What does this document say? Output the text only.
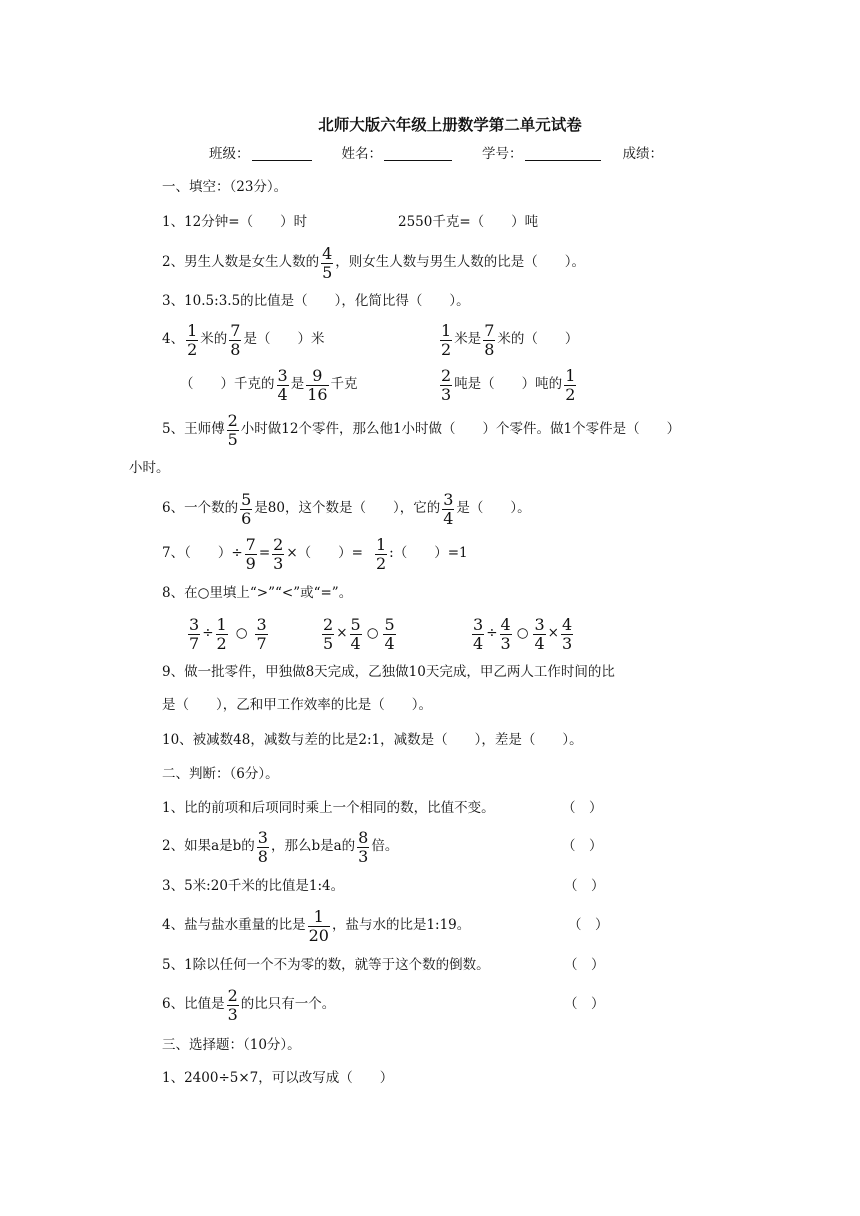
北师大版六年级上册数学第二单元试卷
班级：	姓名：	学号：	成绩：
一、填空：（23分）。
1、12分钟=（　　）时	2550千克=（　　）吨
2、男生人数是女生人数的 $\frac{4}{5}$ ，则女生人数与男生人数的比是（　　）。
3、10.5:3.5的比值是（　　），化简比得（　　）。
4、 $\frac{1}{2}$ 米的 $\frac{7}{8}$ 是（　　）米	$\frac{1}{2}$ 米是 $\frac{7}{8}$ 米的（　　）
（　　）千克的 $\frac{3}{4}$ 是 $\frac{9}{16}$ 千克	$\frac{2}{3}$ 吨是（　　）吨的 $\frac{1}{2}$
5、王师傅 $\frac{2}{5}$ 小时做12个零件，那么他1小时做（　　）个零件。做1个零件是（　　）
小时。
6、一个数的 $\frac{5}{6}$ 是80，这个数是（　　），它的 $\frac{3}{4}$ 是（　　）。
7、（　　）÷ $\frac{7}{9} = \frac{2}{3}$ ×（　　）= $\frac{1}{2}$ :（　　）=1
8、在○里填上“>”“<”或“=”。
$\frac{3}{7} \div \frac{1}{2}$ ○ $\frac{3}{7}$	$\frac{2}{5} \times \frac{5}{4}$ ○ $\frac{5}{4}$	$\frac{3}{4} \div \frac{4}{3}$ ○ $\frac{3}{4} \times \frac{4}{3}$
9、做一批零件，甲独做8天完成，乙独做10天完成，甲乙两人工作时间的比
是（　　），乙和甲工作效率的比是（　　）。
10、被减数48，减数与差的比是2:1，减数是（　　），差是（　　）。
二、判断：（6分）。
1、比的前项和后项同时乘上一个相同的数，比值不变。	（　）
2、如果a是b的 $\frac{3}{8}$ ，那么b是a的 $\frac{8}{3}$ 倍。	（　）
3、5米:20千米的比值是1:4。	（　）
4、盐与盐水重量的比是 $\frac{1}{20}$ ，盐与水的比是1:19。	（　）
5、1除以任何一个不为零的数，就等于这个数的倒数。	（　）
6、比值是 $\frac{2}{3}$ 的比只有一个。	（　）
三、选择题：（10分）。
1、2400÷5×7，可以改写成（　　）
